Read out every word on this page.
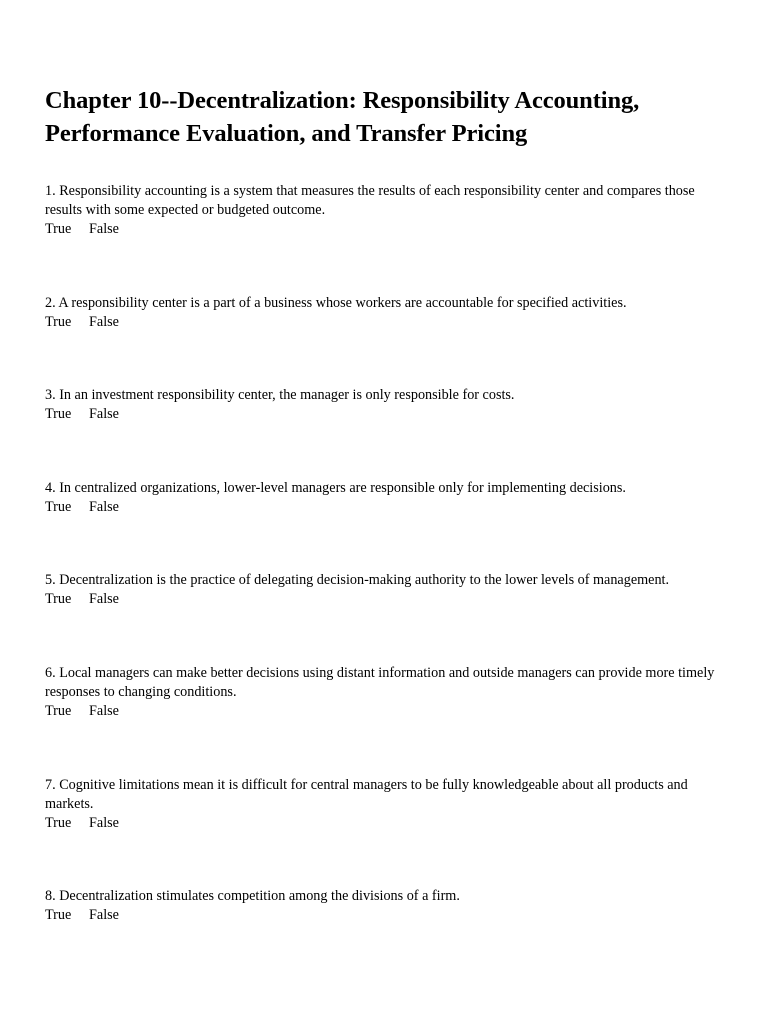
Chapter 10--Decentralization: Responsibility Accounting, Performance Evaluation, and Transfer Pricing
1. Responsibility accounting is a system that measures the results of each responsibility center and compares those results with some expected or budgeted outcome.
True False
2. A responsibility center is a part of a business whose workers are accountable for specified activities.
True False
3. In an investment responsibility center, the manager is only responsible for costs.
True False
4. In centralized organizations, lower-level managers are responsible only for implementing decisions.
True False
5. Decentralization is the practice of delegating decision-making authority to the lower levels of management.
True False
6. Local managers can make better decisions using distant information and outside managers can provide more timely responses to changing conditions.
True False
7. Cognitive limitations mean it is difficult for central managers to be fully knowledgeable about all products and markets.
True False
8. Decentralization stimulates competition among the divisions of a firm.
True False
